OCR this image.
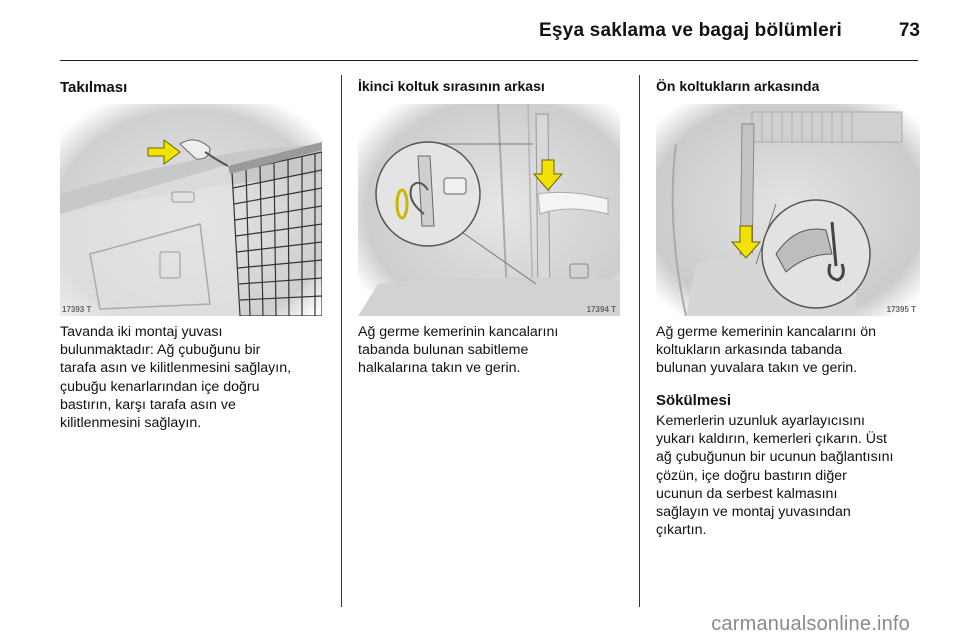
Eşya saklama ve bagaj bölümleri	73
Takılması
17393 T
Tavanda iki montaj yuvası
bulunmaktadır: Ağ çubuğunu bir
tarafa asın ve kilitlenmesini sağlayın,
çubuğu kenarlarından içe doğru
bastırın, karşı tarafa asın ve
kilitlenmesini sağlayın.
İkinci koltuk sırasının arkası
17394 T
Ağ germe kemerinin kancalarını
tabanda bulunan sabitleme
halkalarına takın ve gerin.
Ön koltukların arkasında
17395 T
Ağ germe kemerinin kancalarını ön
koltukların arkasında tabanda
bulunan yuvalara takın ve gerin.
Sökülmesi
Kemerlerin uzunluk ayarlayıcısını
yukarı kaldırın, kemerleri çıkarın. Üst
ağ çubuğunun bir ucunun bağlantısını
çözün, içe doğru bastırın diğer
ucunun da serbest kalmasını
sağlayın ve montaj yuvasından
çıkartın.
carmanualsonline.info
